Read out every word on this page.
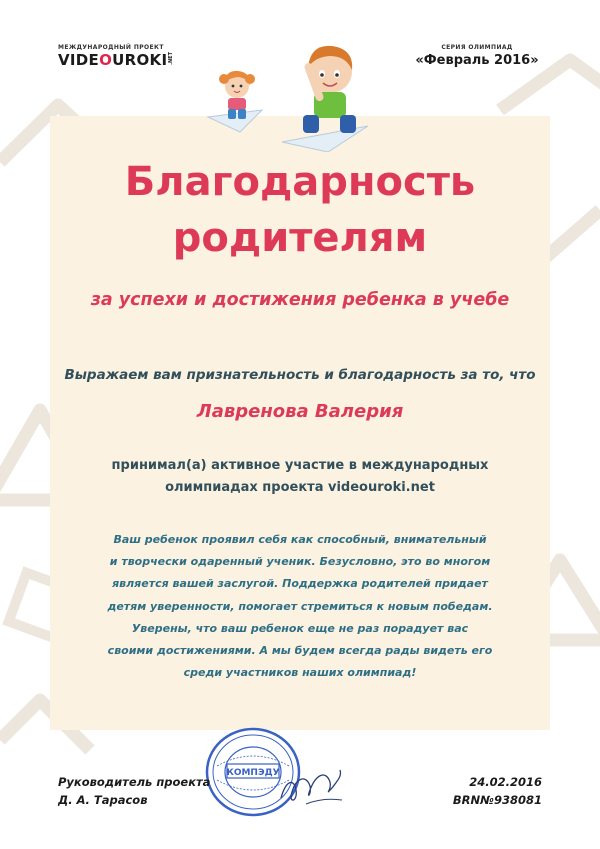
МЕЖДУНАРОДНЫЙ ПРОЕКТ
VIDEOUROKI .NET
СЕРИЯ ОЛИМПИАД
«Февраль 2016»
Благодарность
родителям
за успехи и достижения ребенка в учебе
Выражаем вам признательность и благодарность за то, что
Лавренова Валерия
принимал(а) активное участие в международных
олимпиадах проекта videouroki.net
Ваш ребенок проявил себя как способный, внимательный
и творчески одаренный ученик. Безусловно, это во многом
является вашей заслугой. Поддержка родителей придает
детям уверенности, помогает стремиться к новым победам.
Уверены, что ваш ребенок еще не раз порадует вас
своими достижениями. А мы будем всегда рады видеть его
среди участников наших олимпиад!
КОМПЭДУ
Руководитель проекта
Д. А. Тарасов
24.02.2016
BRN№938081
